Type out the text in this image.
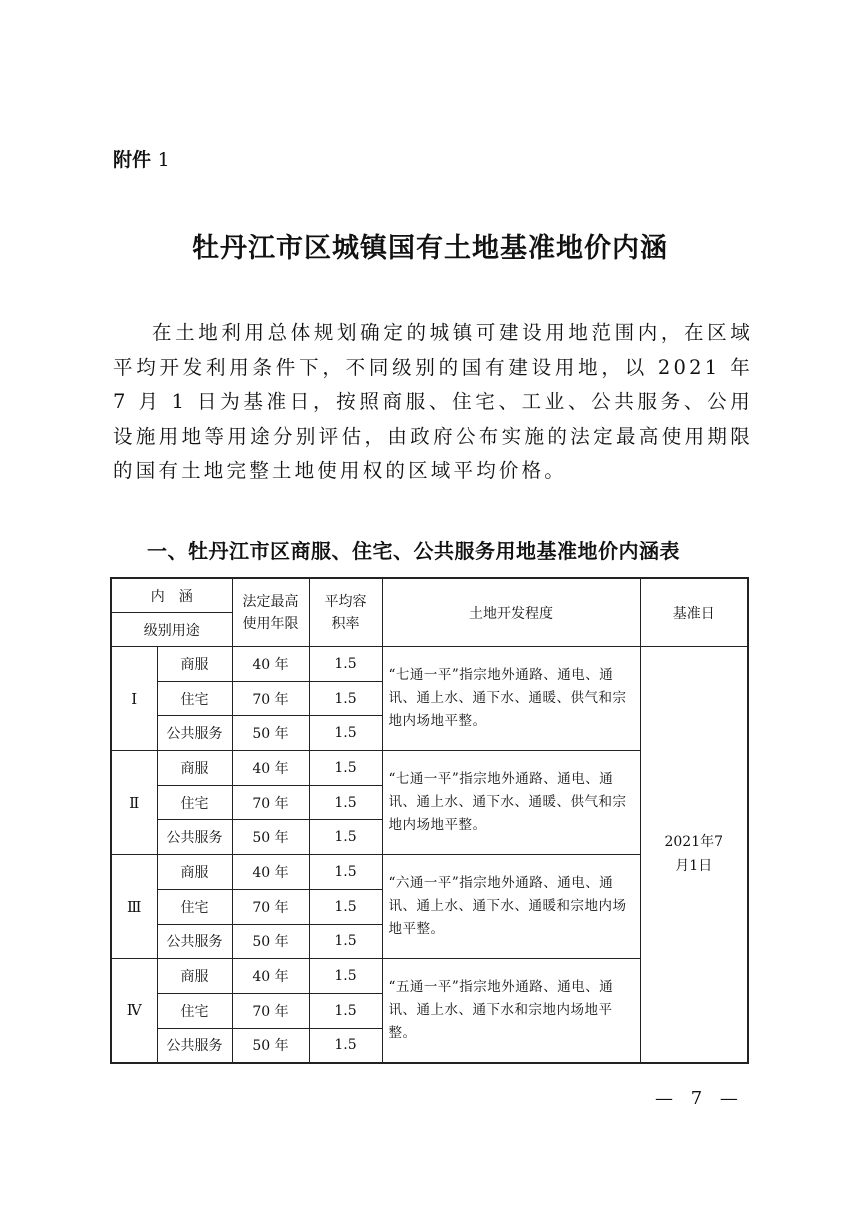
附件 1
牡丹江市区城镇国有土地基准地价内涵

在土地利用总体规划确定的城镇可建设用地范围内，在区域平均开发利用条件下，不同级别的国有建设用地，以 2021 年 7 月 1 日为基准日，按照商服、住宅、工业、公共服务、公用设施用地等用途分别评估，由政府公布实施的法定最高使用期限的国有土地完整土地使用权的区域平均价格。

一、牡丹江市区商服、住宅、公共服务用地基准地价内涵表
内　涵		法定最高使用年限	平均容积率	土地开发程度	基准日
级别用途					
Ⅰ	商服	40 年	1.5	“七通一平”指宗地外通路、通电、通讯、通上水、通下水、通暖、供气和宗地内场地平整。	2021年7月1日
	住宅	70 年	1.5		
	公共服务	50 年	1.5		
Ⅱ	商服	40 年	1.5	“七通一平”指宗地外通路、通电、通讯、通上水、通下水、通暖、供气和宗地内场地平整。	
	住宅	70 年	1.5		
	公共服务	50 年	1.5		
Ⅲ	商服	40 年	1.5	“六通一平”指宗地外通路、通电、通讯、通上水、通下水、通暖和宗地内场地平整。	
	住宅	70 年	1.5		
	公共服务	50 年	1.5		
Ⅳ	商服	40 年	1.5	“五通一平”指宗地外通路、通电、通讯、通上水、通下水和宗地内场地平整。	
	住宅	70 年	1.5		
	公共服务	50 年	1.5		
— 7 —
